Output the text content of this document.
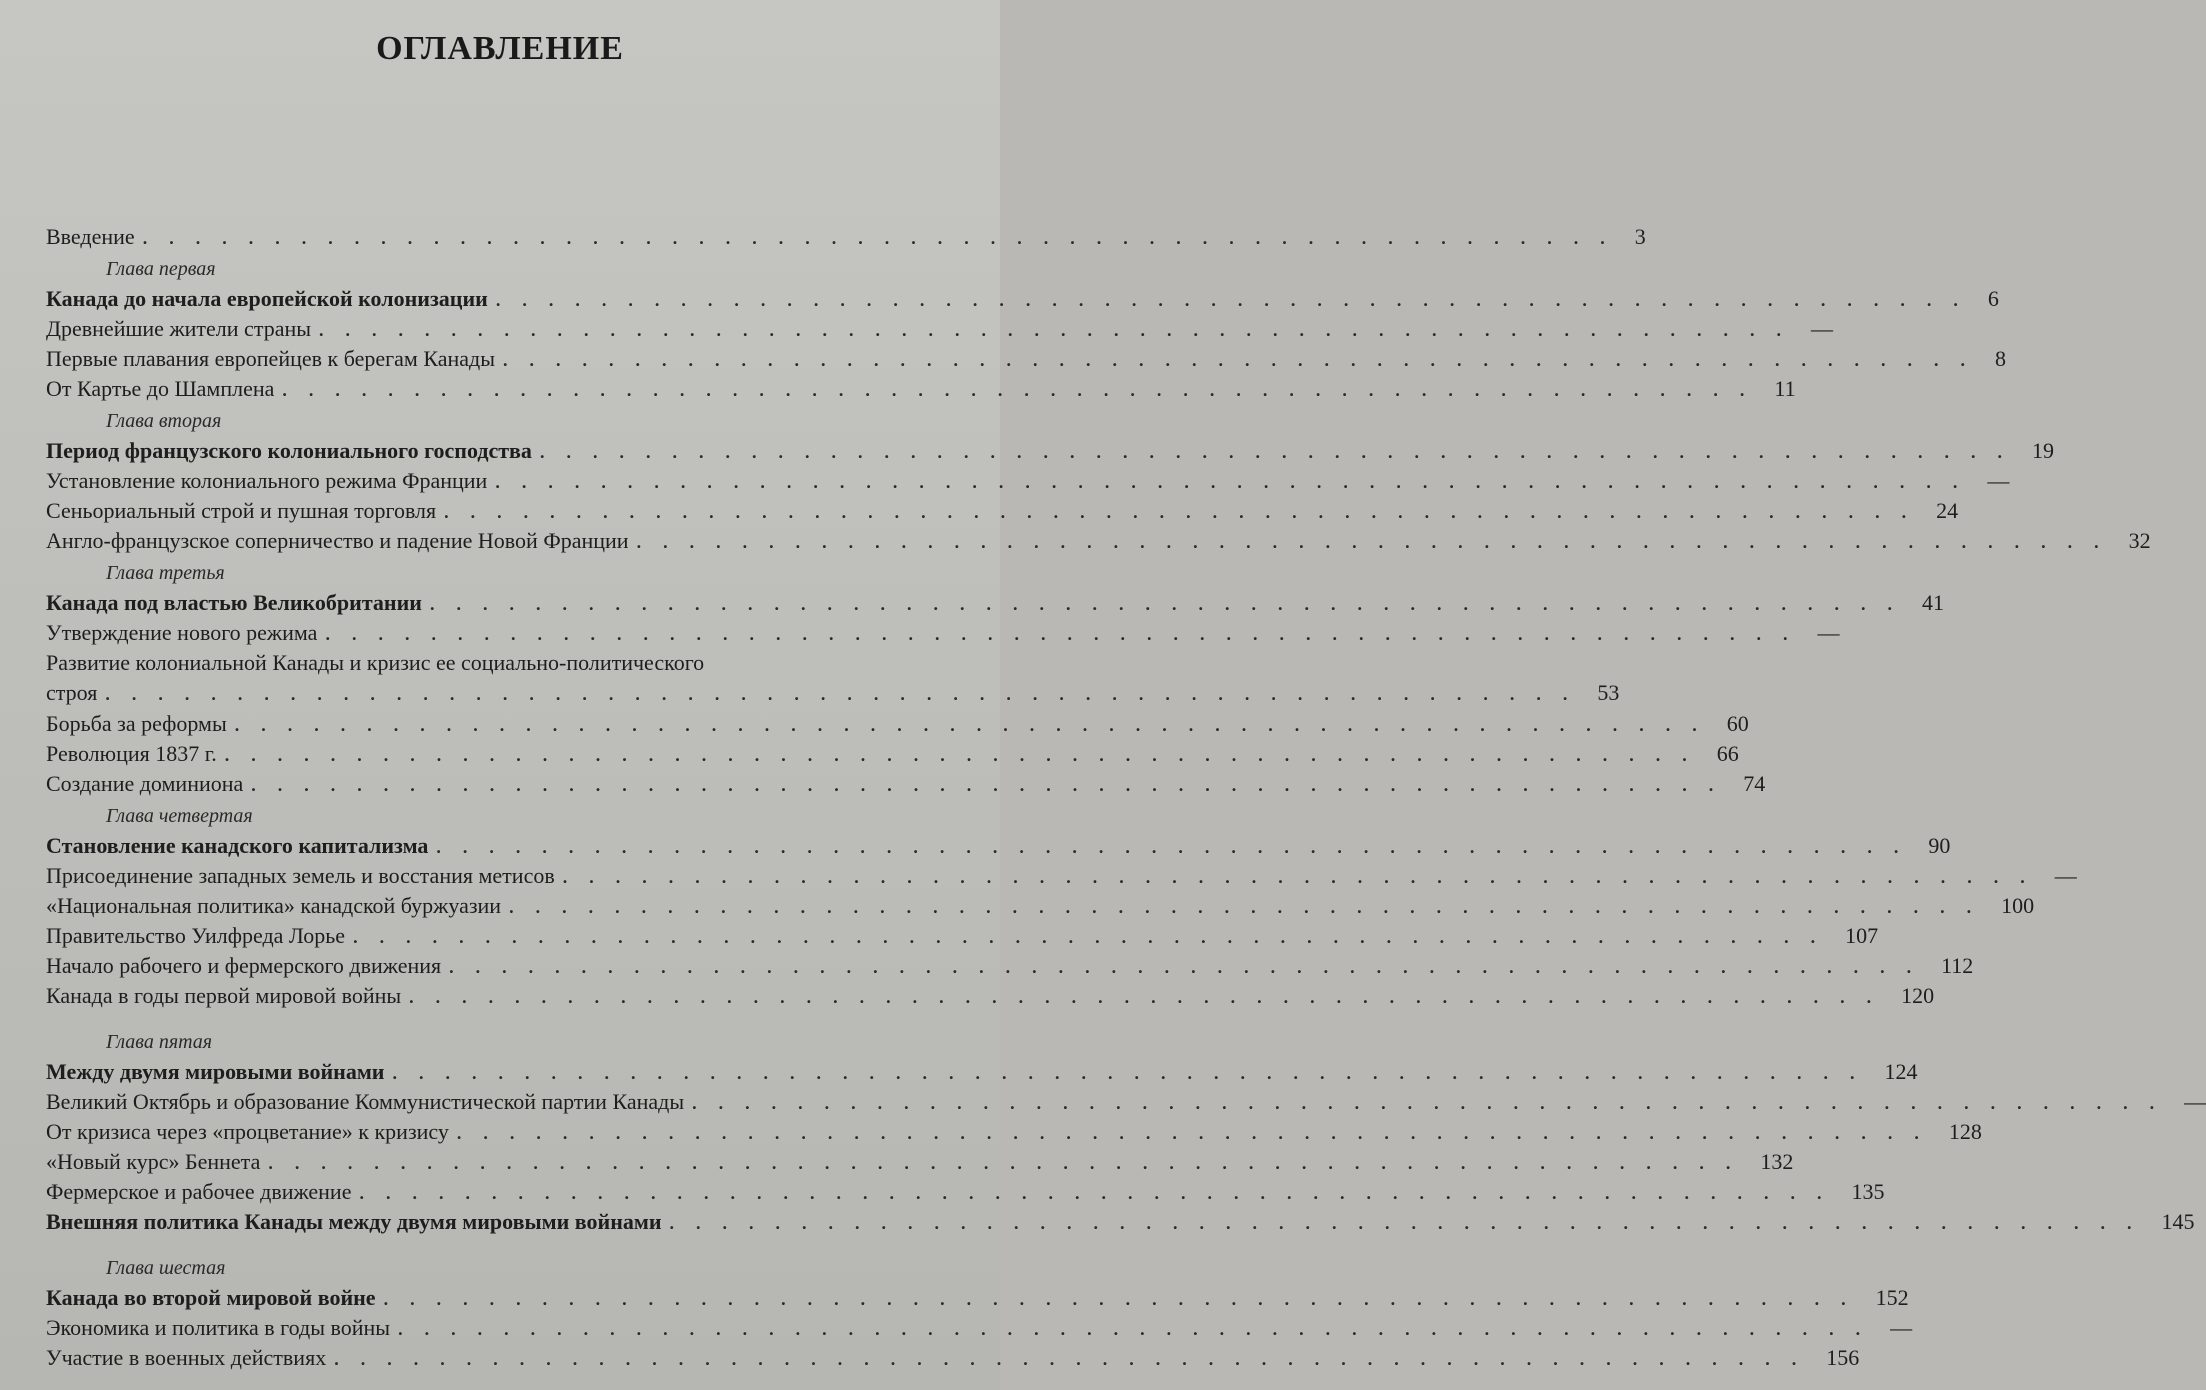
ОГЛАВЛЕНИЕ
Введение ........................................................ 3
Глава первая
Канада до начала европейской колонизации ........................................................ 6
Древнейшие жители страны ........................................................ —
Первые плавания европейцев к берегам Канады ........................................................ 8
От Картье до Шамплена ........................................................ 11
Глава вторая
Период французского колониального господства ........................................................ 19
Установление колониального режима Франции ........................................................ —
Сеньориальный строй и пушная торговля ........................................................ 24
Англо-французское соперничество и падение Новой Франции ........................................................ 32
Глава третья
Канада под властью Великобритании ........................................................ 41
Утверждение нового режима ........................................................ —
Развитие колониальной Канады и кризис ее социально-политического
строя ........................................................ 53
Борьба за реформы ........................................................ 60
Революция 1837 г. ........................................................ 66
Создание доминиона ........................................................ 74
Глава четвертая
Становление канадского капитализма ........................................................ 90
Присоединение западных земель и восстания метисов ........................................................ —
«Национальная политика» канадской буржуазии ........................................................ 100
Правительство Уилфреда Лорье ........................................................ 107
Начало рабочего и фермерского движения ........................................................ 112
Канада в годы первой мировой войны ........................................................ 120
Глава пятая
Между двумя мировыми войнами ........................................................ 124
Великий Октябрь и образование Коммунистической партии Канады ........................................................ —
От кризиса через «процветание» к кризису ........................................................ 128
«Новый курс» Беннета ........................................................ 132
Фермерское и рабочее движение ........................................................ 135
Внешняя политика Канады между двумя мировыми войнами ........................................................ 145
Глава шестая
Канада во второй мировой войне ........................................................ 152
Экономика и политика в годы войны ........................................................ —
Участие в военных действиях ........................................................ 156
